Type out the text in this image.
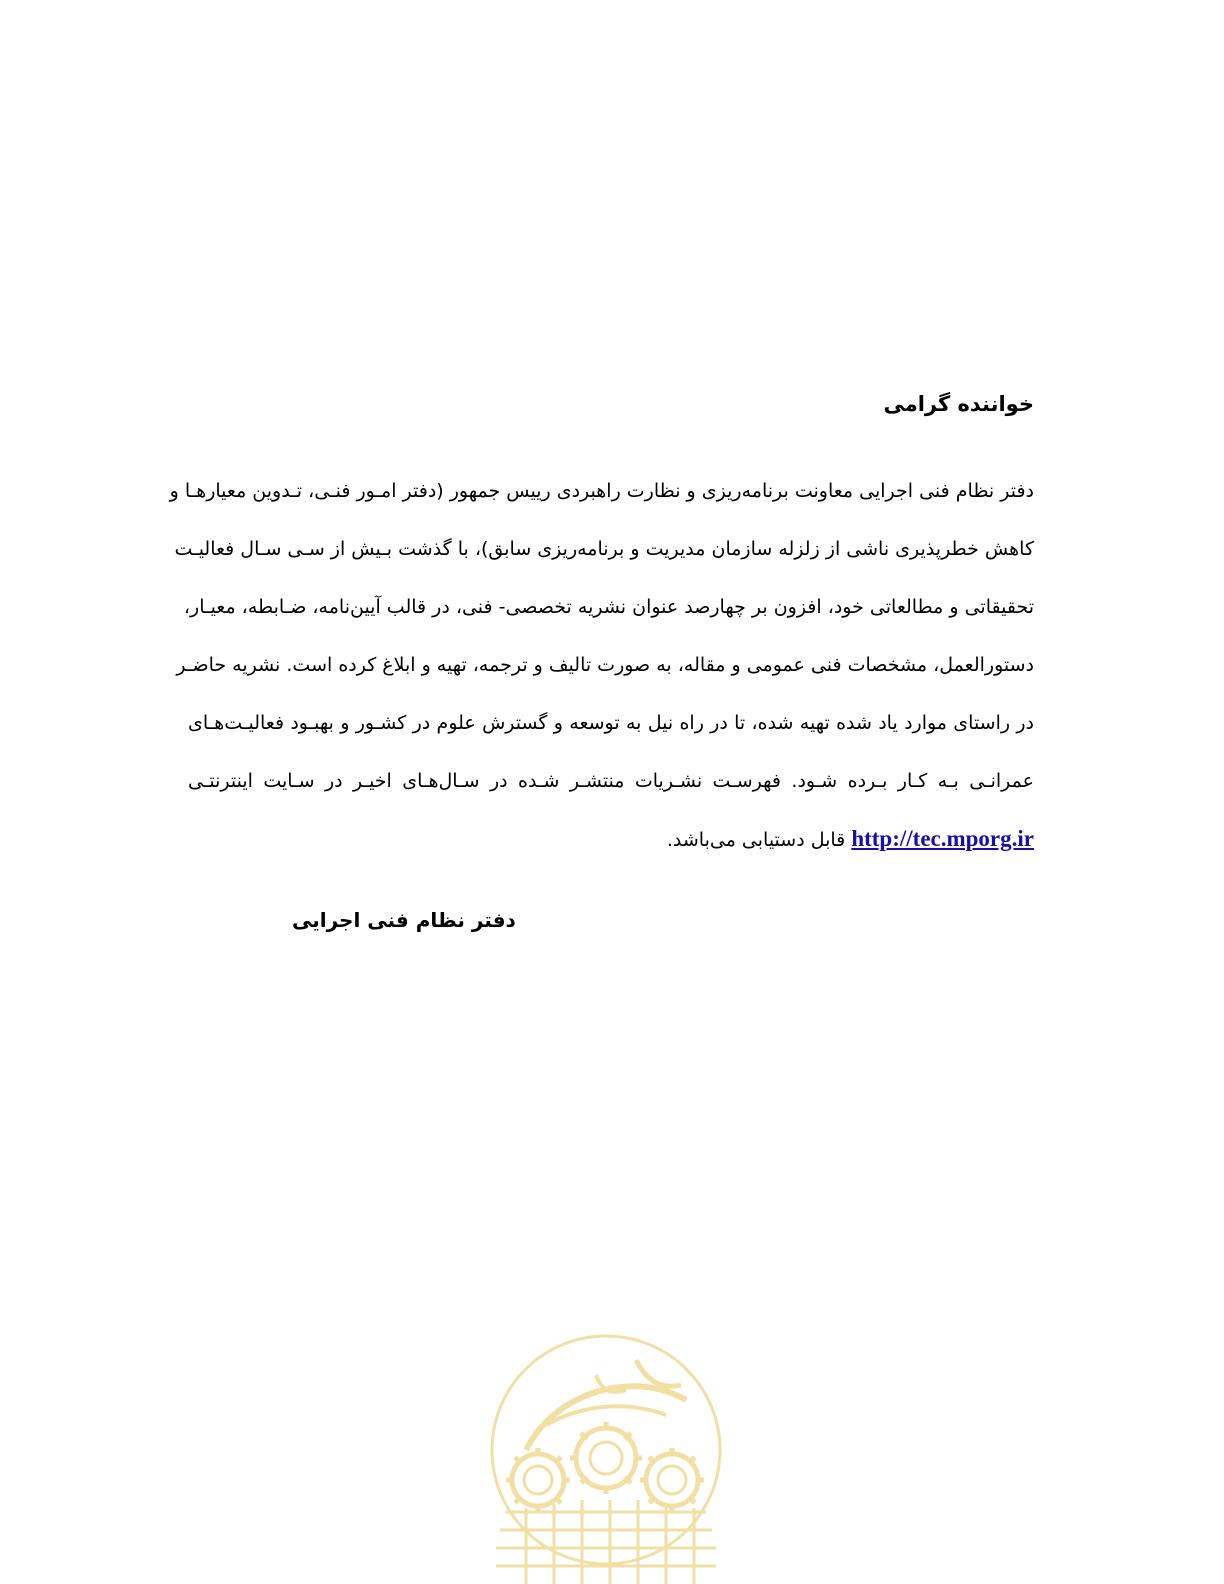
خواننده گرامی
دفتر نظام فنی اجرایی معاونت برنامه‌ریزی و نظارت راهبردی رییس جمهور (دفتر امـور فنـی، تـدوین معیارهـا و
کاهش خطرپذیری ناشی از زلزله سازمان مدیریت و برنامه‌ریزی سابق)، با گذشت بـیش از سـی سـال فعالیـت
تحقیقاتی و مطالعاتی خود، افزون بر چهارصد عنوان نشریه تخصصی- فنی، در قالب آیین‌نامه، ضـابطه، معیـار،
دستورالعمل، مشخصات فنی عمومی و مقاله، به صورت تالیف و ترجمه، تهیه و ابلاغ کرده است. نشریه حاضـر
در راستای موارد یاد شده تهیه شده، تا در راه نیل به توسعه و گسترش علوم در کشـور و بهبـود فعالیـت‌هـای
عمرانـی بـه کـار بـرده شـود. فهرسـت نشـریات منتشـر شـده در سـال‌هـای اخیـر در سـایت اینترنتـی
http://tec.mporg.ir قابل دستیابی می‌باشد.
دفتر نظام فنی اجرایی
